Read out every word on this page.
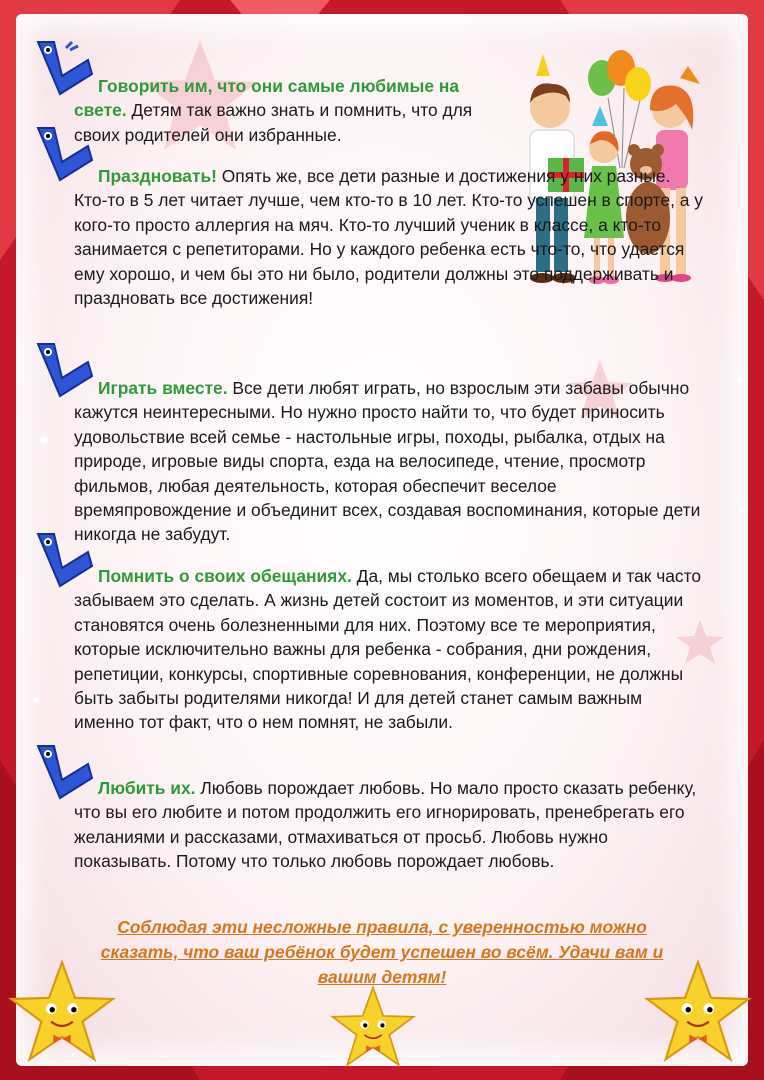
Говорить им, что они самые любимые на свете. Детям так важно знать и помнить, что для своих родителей они избранные.
Праздновать! Опять же, все дети разные и достижения у них разные. Кто-то в 5 лет читает лучше, чем кто-то в 10 лет. Кто-то успешен в спорте, а у кого-то просто аллергия на мяч. Кто-то лучший ученик в классе, а кто-то занимается с репетиторами. Но у каждого ребенка есть что-то, что удается ему хорошо, и чем бы это ни было, родители должны это поддерживать и праздновать все достижения!
Играть вместе. Все дети любят играть, но взрослым эти забавы обычно кажутся неинтересными. Но нужно просто найти то, что будет приносить удовольствие всей семье - настольные игры, походы, рыбалка, отдых на природе, игровые виды спорта, езда на велосипеде, чтение, просмотр фильмов, любая деятельность, которая обеспечит веселое времяпровождение и объединит всех, создавая воспоминания, которые дети никогда не забудут.
Помнить о своих обещаниях. Да, мы столько всего обещаем и так часто забываем это сделать. А жизнь детей состоит из моментов, и эти ситуации становятся очень болезненными для них. Поэтому все те мероприятия, которые исключительно важны для ребенка - собрания, дни рождения, репетиции, конкурсы, спортивные соревнования, конференции, не должны быть забыты родителями никогда! И для детей станет самым важным именно тот факт, что о нем помнят, не забыли.
Любить их. Любовь порождает любовь. Но мало просто сказать ребенку, что вы его любите и потом продолжить его игнорировать, пренебрегать его желаниями и рассказами, отмахиваться от просьб. Любовь нужно показывать. Потому что только любовь порождает любовь.
Соблюдая эти несложные правила, с уверенностью можно сказать, что ваш ребёнок будет успешен во всём. Удачи вам и вашим детям!
